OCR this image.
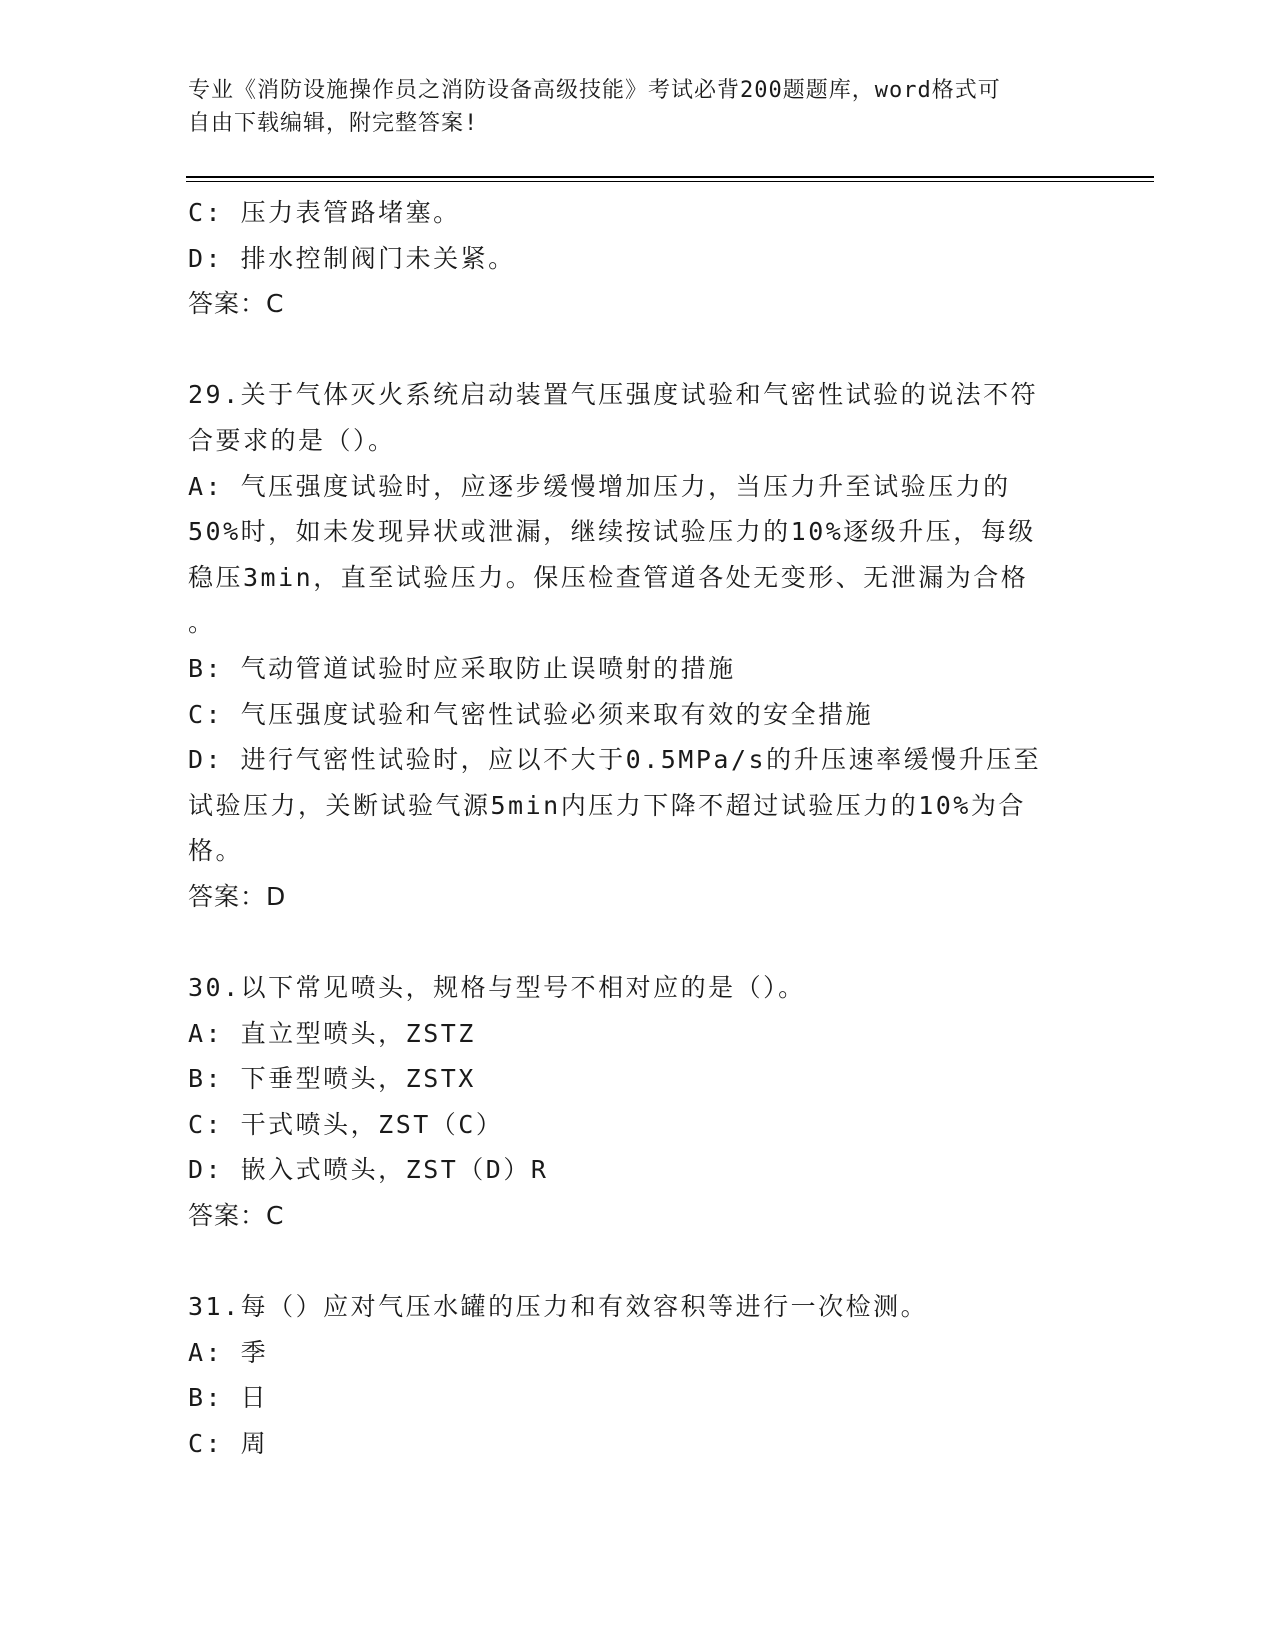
专业《消防设施操作员之消防设备高级技能》考试必背200题题库，word格式可
自由下载编辑，附完整答案!
C: 压力表管路堵塞。
D: 排水控制阀门未关紧。
答案：C
29.关于气体灭火系统启动装置气压强度试验和气密性试验的说法不符
合要求的是（）。
A: 气压强度试验时，应逐步缓慢增加压力，当压力升至试验压力的
50%时，如未发现异状或泄漏，继续按试验压力的10%逐级升压，每级
稳压3min，直至试验压力。保压检查管道各处无变形、无泄漏为合格
。
B: 气动管道试验时应采取防止误喷射的措施
C: 气压强度试验和气密性试验必须来取有效的安全措施
D: 进行气密性试验时，应以不大于0.5MPa/s的升压速率缓慢升压至
试验压力，关断试验气源5min内压力下降不超过试验压力的10%为合
格。
答案：D
30.以下常见喷头，规格与型号不相对应的是（）。
A: 直立型喷头，ZSTZ
B: 下垂型喷头，ZSTX
C: 干式喷头，ZST（C）
D: 嵌入式喷头，ZST（D）R
答案：C
31.每（）应对气压水罐的压力和有效容积等进行一次检测。
A: 季
B: 日
C: 周
